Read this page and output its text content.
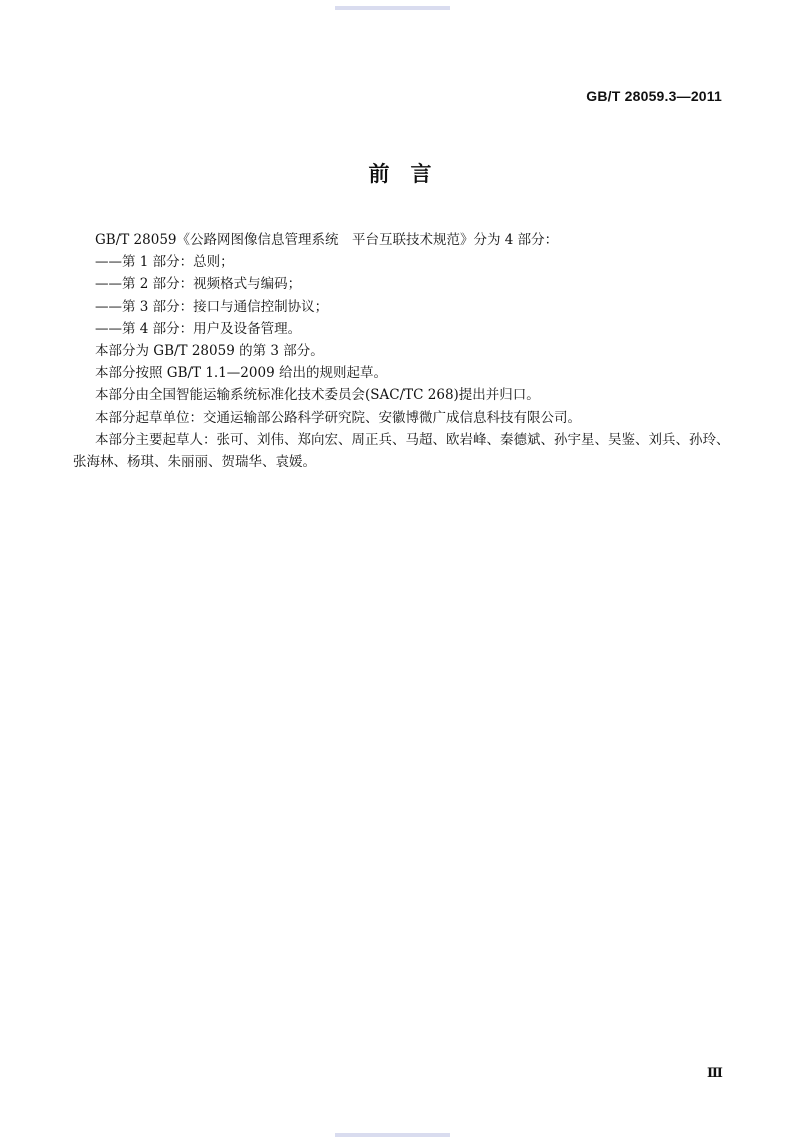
GB/T 28059.3—2011
前　言

GB/T 28059《公路网图像信息管理系统　平台互联技术规范》分为 4 部分：

——第 1 部分：总则；

——第 2 部分：视频格式与编码；

——第 3 部分：接口与通信控制协议；

——第 4 部分：用户及设备管理。

本部分为 GB/T 28059 的第 3 部分。

本部分按照 GB/T 1.1—2009 给出的规则起草。

本部分由全国智能运输系统标准化技术委员会(SAC/TC 268)提出并归口。

本部分起草单位：交通运输部公路科学研究院、安徽博微广成信息科技有限公司。

本部分主要起草人：张可、刘伟、郑向宏、周正兵、马超、欧岩峰、秦德斌、孙宇星、吴鉴、刘兵、孙玲、张海林、杨琪、朱丽丽、贺瑞华、袁媛。

Ⅲ
